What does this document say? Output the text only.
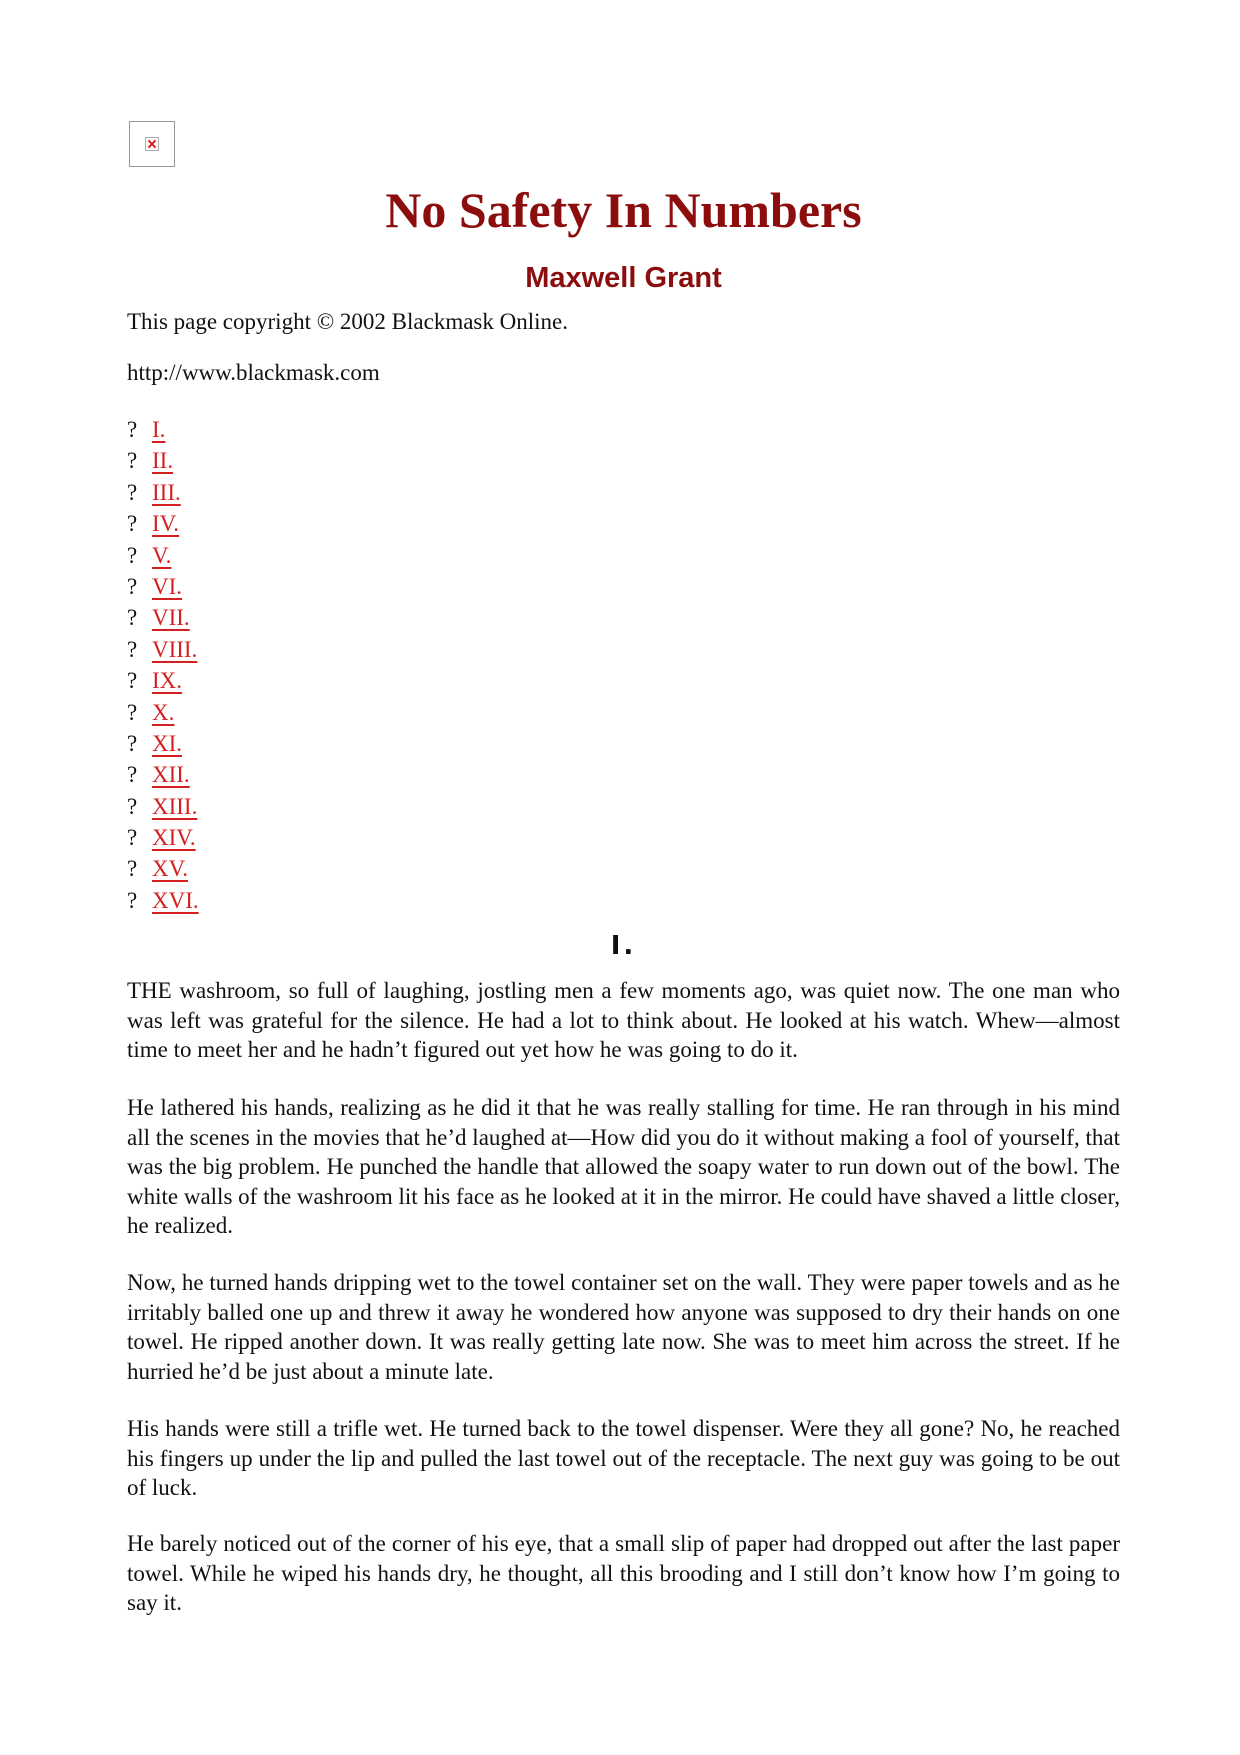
No Safety In Numbers
Maxwell Grant

This page copyright © 2002 Blackmask Online.

http://www.blackmask.com

? I.
? II.
? III.
? IV.
? V.
? VI.
? VII.
? VIII.
? IX.
? X.
? XI.
? XII.
? XIII.
? XIV.
? XV.
? XVI.
I.

THE washroom, so full of laughing, jostling men a few moments ago, was quiet now. The one man who was left was grateful for the silence. He had a lot to think about. He looked at his watch. Whew—almost time to meet her and he hadn’t figured out yet how he was going to do it.

He lathered his hands, realizing as he did it that he was really stalling for time. He ran through in his mind all the scenes in the movies that he’d laughed at—How did you do it without making a fool of yourself, that was the big problem. He punched the handle that allowed the soapy water to run down out of the bowl. The white walls of the washroom lit his face as he looked at it in the mirror. He could have shaved a little closer, he realized.

Now, he turned hands dripping wet to the towel container set on the wall. They were paper towels and as he irritably balled one up and threw it away he wondered how anyone was supposed to dry their hands on one towel. He ripped another down. It was really getting late now. She was to meet him across the street. If he hurried he’d be just about a minute late.

His hands were still a trifle wet. He turned back to the towel dispenser. Were they all gone? No, he reached his fingers up under the lip and pulled the last towel out of the receptacle. The next guy was going to be out of luck.

He barely noticed out of the corner of his eye, that a small slip of paper had dropped out after the last paper towel. While he wiped his hands dry, he thought, all this brooding and I still don’t know how I’m going to say it.
